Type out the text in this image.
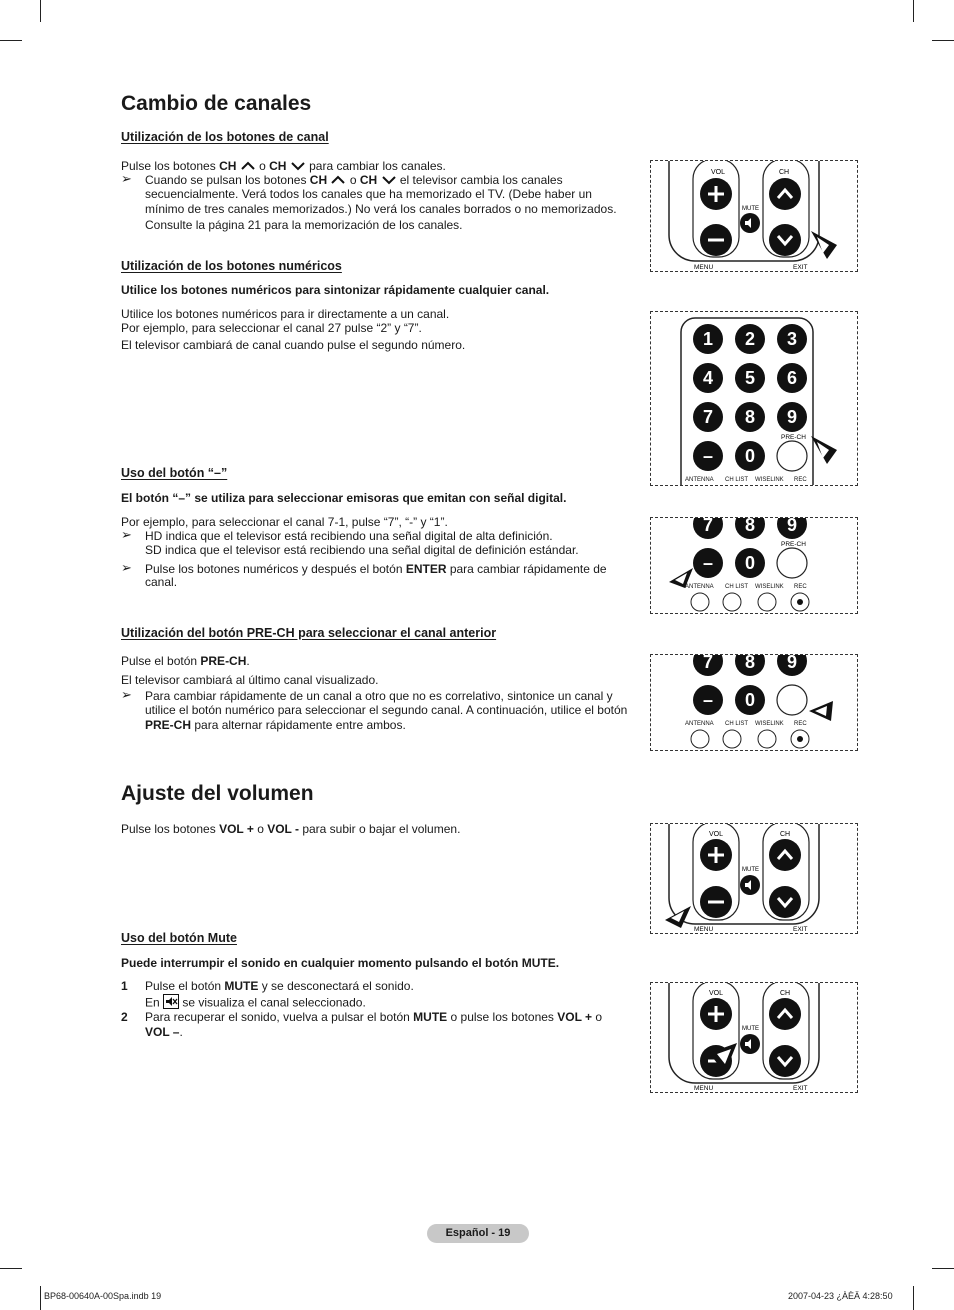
Cambio de canales
Utilización de los botones de canal

Pulse los botones CH  o CH  para cambiar los canales.

➢ Cuando se pulsan los botones CH  o CH  el televisor cambia los canales

secuencialmente. Verá todos los canales que ha memorizado el TV. (Debe haber un

mínimo de tres canales memorizados.) No verá los canales borrados o no memorizados.

Consulte la página 21 para la memorización de los canales.

Utilización de los botones numéricos

Utilice los botones numéricos para sintonizar rápidamente cualquier canal.

Utilice los botones numéricos para ir directamente a un canal.

Por ejemplo, para seleccionar el canal 27 pulse “2” y “7”.

El televisor cambiará de canal cuando pulse el segundo número.

Uso del botón “–”

El botón “–” se utiliza para seleccionar emisoras que emitan con señal digital.

Por ejemplo, para seleccionar el canal 7-1, pulse “7”, “-” y “1”.

➢ HD indica que el televisor está recibiendo una señal digital de alta definición.

SD indica que el televisor está recibiendo una señal digital de definición estándar.

➢ Pulse los botones numéricos y después el botón ENTER para cambiar rápidamente de

canal.

Utilización del botón PRE-CH para seleccionar el canal anterior

Pulse el botón PRE-CH.

El televisor cambiará al último canal visualizado.

➢ Para cambiar rápidamente de un canal a otro que no es correlativo, sintonice un canal y

utilice el botón numérico para seleccionar el segundo canal. A continuación, utilice el botón

PRE-CH para alternar rápidamente entre ambos.

Ajuste del volumen

Pulse los botones VOL + o VOL - para subir o bajar el volumen.

Uso del botón Mute

Puede interrumpir el sonido en cualquier momento pulsando el botón MUTE.

1 Pulse el botón MUTE y se desconectará el sonido.

En  se visualiza el canal seleccionado.

2 Para recuperar el sonido, vuelva a pulsar el botón MUTE o pulse los botones VOL + o

VOL –.

VOL	CH
MUTE
MENU	EXIT
1 2 3
4 5 6
7 8 9
– 0
PRE-CH
ANTENNA CH LIST WISELINK REC
7 8 9
– 0
PRE-CH
ANTENNA CH LIST WISELINK REC
7 8 9
– 0
ANTENNA CH LIST WISELINK REC
VOL	CH
MUTE
MENU	EXIT
VOL	CH
MUTE
MENU	EXIT
Español - 19
BP68-00640A-00Spa.indb 19	2007-04-23 ¿ÀÈÄ 4:28:50
